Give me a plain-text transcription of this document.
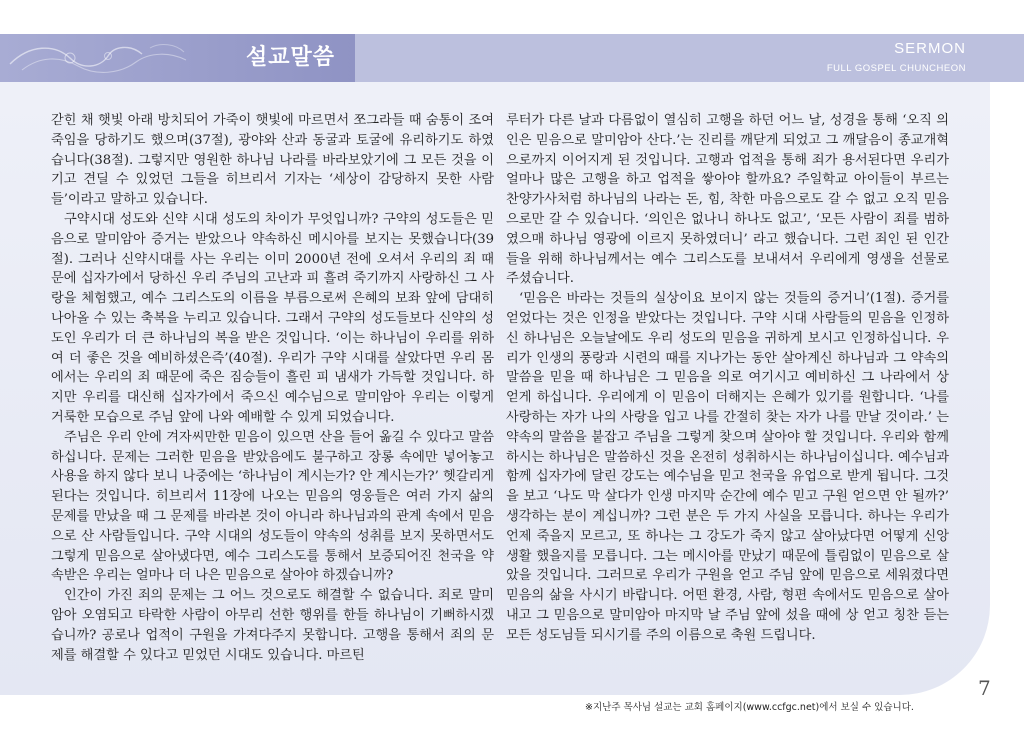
설교말씀	SERMON
FULL GOSPEL CHUNCHEON

갇힌 채 햇빛 아래 방치되어 가죽이 햇빛에 마르면서 쪼그라들 때 숨통이 조여 죽임을 당하기도 했으며(37절), 광야와 산과 동굴과 토굴에 유리하기도 하였습니다(38절). 그렇지만 영원한 하나님 나라를 바라보았기에 그 모든 것을 이기고 견딜 수 있었던 그들을 히브리서 기자는 ‘세상이 감당하지 못한 사람들’이라고 말하고 있습니다.

구약시대 성도와 신약 시대 성도의 차이가 무엇입니까? 구약의 성도들은 믿음으로 말미암아 증거는 받았으나 약속하신 메시아를 보지는 못했습니다(39절). 그러나 신약시대를 사는 우리는 이미 2000년 전에 오셔서 우리의 죄 때문에 십자가에서 당하신 우리 주님의 고난과 피 흘려 죽기까지 사랑하신 그 사랑을 체험했고, 예수 그리스도의 이름을 부름으로써 은혜의 보좌 앞에 담대히 나아올 수 있는 축복을 누리고 있습니다. 그래서 구약의 성도들보다 신약의 성도인 우리가 더 큰 하나님의 복을 받은 것입니다. ‘이는 하나님이 우리를 위하여 더 좋은 것을 예비하셨은즉’(40절). 우리가 구약 시대를 살았다면 우리 몸에서는 우리의 죄 때문에 죽은 짐승들이 흘린 피 냄새가 가득할 것입니다. 하지만 우리를 대신해 십자가에서 죽으신 예수님으로 말미암아 우리는 이렇게 거룩한 모습으로 주님 앞에 나와 예배할 수 있게 되었습니다.

주님은 우리 안에 겨자씨만한 믿음이 있으면 산을 들어 옮길 수 있다고 말씀하십니다. 문제는 그러한 믿음을 받았음에도 불구하고 장롱 속에만 넣어놓고 사용을 하지 않다 보니 나중에는 ‘하나님이 계시는가? 안 계시는가?’ 헷갈리게 된다는 것입니다. 히브리서 11장에 나오는 믿음의 영웅들은 여러 가지 삶의 문제를 만났을 때 그 문제를 바라본 것이 아니라 하나님과의 관계 속에서 믿음으로 산 사람들입니다. 구약 시대의 성도들이 약속의 성취를 보지 못하면서도 그렇게 믿음으로 살아냈다면, 예수 그리스도를 통해서 보증되어진 천국을 약속받은 우리는 얼마나 더 나은 믿음으로 살아야 하겠습니까?

인간이 가진 죄의 문제는 그 어느 것으로도 해결할 수 없습니다. 죄로 말미암아 오염되고 타락한 사람이 아무리 선한 행위를 한들 하나님이 기뻐하시겠습니까? 공로나 업적이 구원을 가져다주지 못합니다. 고행을 통해서 죄의 문제를 해결할 수 있다고 믿었던 시대도 있습니다. 마르틴

루터가 다른 날과 다름없이 열심히 고행을 하던 어느 날, 성경을 통해 ‘오직 의인은 믿음으로 말미암아 산다.’는 진리를 깨닫게 되었고 그 깨달음이 종교개혁으로까지 이어지게 된 것입니다. 고행과 업적을 통해 죄가 용서된다면 우리가 얼마나 많은 고행을 하고 업적을 쌓아야 할까요? 주일학교 아이들이 부르는 찬양가사처럼 하나님의 나라는 돈, 힘, 착한 마음으로도 갈 수 없고 오직 믿음으로만 갈 수 있습니다. ‘의인은 없나니 하나도 없고’, ‘모든 사람이 죄를 범하였으매 하나님 영광에 이르지 못하였더니’ 라고 했습니다. 그런 죄인 된 인간들을 위해 하나님께서는 예수 그리스도를 보내셔서 우리에게 영생을 선물로 주셨습니다.

‘믿음은 바라는 것들의 실상이요 보이지 않는 것들의 증거니’(1절). 증거를 얻었다는 것은 인정을 받았다는 것입니다. 구약 시대 사람들의 믿음을 인정하신 하나님은 오늘날에도 우리 성도의 믿음을 귀하게 보시고 인정하십니다. 우리가 인생의 풍랑과 시련의 때를 지나가는 동안 살아계신 하나님과 그 약속의 말씀을 믿을 때 하나님은 그 믿음을 의로 여기시고 예비하신 그 나라에서 상 얻게 하십니다. 우리에게 이 믿음이 더해지는 은혜가 있기를 원합니다. ‘나를 사랑하는 자가 나의 사랑을 입고 나를 간절히 찾는 자가 나를 만날 것이라.’ 는 약속의 말씀을 붙잡고 주님을 그렇게 찾으며 살아야 할 것입니다. 우리와 함께 하시는 하나님은 말씀하신 것을 온전히 성취하시는 하나님이십니다. 예수님과 함께 십자가에 달린 강도는 예수님을 믿고 천국을 유업으로 받게 됩니다. 그것을 보고 ‘나도 막 살다가 인생 마지막 순간에 예수 믿고 구원 얻으면 안 될까?’ 생각하는 분이 계십니까? 그런 분은 두 가지 사실을 모릅니다. 하나는 우리가 언제 죽을지 모르고, 또 하나는 그 강도가 죽지 않고 살아났다면 어떻게 신앙생활 했을지를 모릅니다. 그는 메시아를 만났기 때문에 틀림없이 믿음으로 살았을 것입니다. 그러므로 우리가 구원을 얻고 주님 앞에 믿음으로 세워졌다면 믿음의 삶을 사시기 바랍니다. 어떤 환경, 사람, 형편 속에서도 믿음으로 살아내고 그 믿음으로 말미암아 마지막 날 주님 앞에 섰을 때에 상 얻고 칭찬 듣는 모든 성도님들 되시기를 주의 이름으로 축원 드립니다.

7
※지난주 목사님 설교는 교회 홈페이지(www.ccfgc.net)에서 보실 수 있습니다.
